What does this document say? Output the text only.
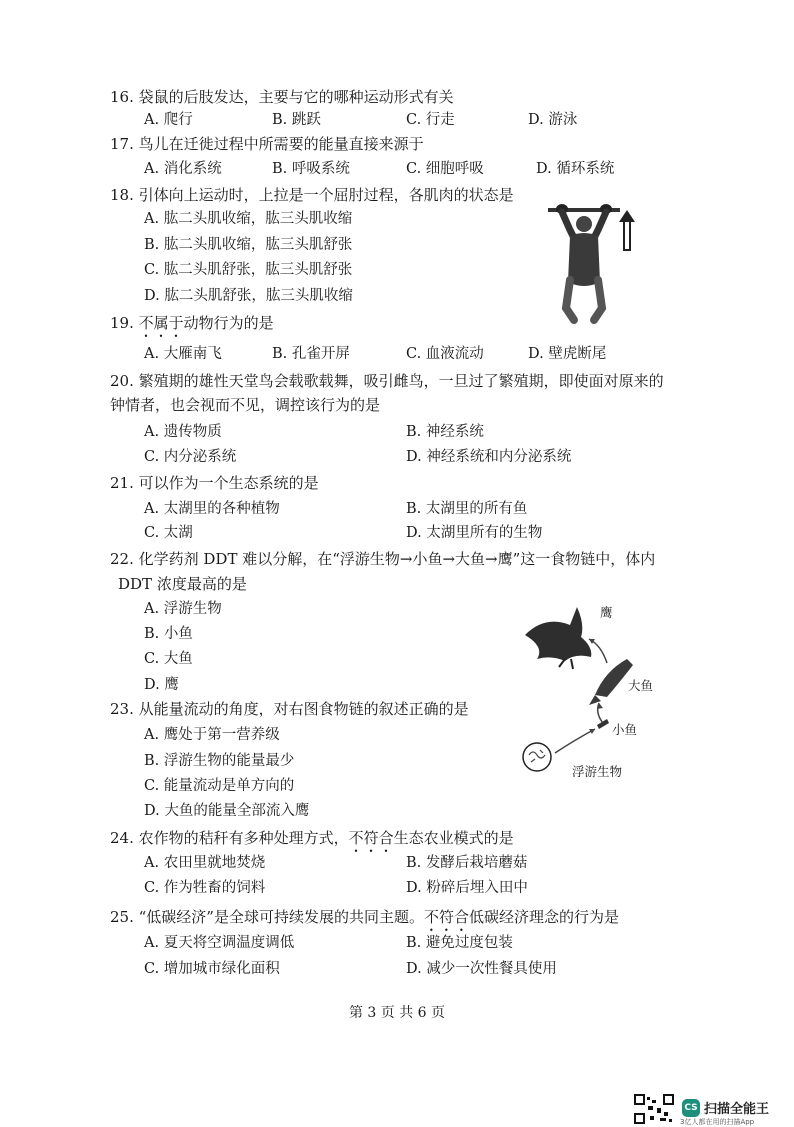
16. 袋鼠的后肢发达，主要与它的哪种运动形式有关
A. 爬行	B. 跳跃	C. 行走	D. 游泳
17. 鸟儿在迁徙过程中所需要的能量直接来源于
A. 消化系统	B. 呼吸系统	C. 细胞呼吸	D. 循环系统
18. 引体向上运动时，上拉是一个屈肘过程，各肌肉的状态是
A. 肱二头肌收缩，肱三头肌收缩
B. 肱二头肌收缩，肱三头肌舒张
C. 肱二头肌舒张，肱三头肌舒张
D. 肱二头肌舒张，肱三头肌收缩
19. 不属于动物行为的是
A. 大雁南飞	B. 孔雀开屏	C. 血液流动	D. 壁虎断尾
20. 繁殖期的雄性天堂鸟会载歌载舞，吸引雌鸟，一旦过了繁殖期，即使面对原来的
钟情者，也会视而不见，调控该行为的是
A. 遗传物质	B. 神经系统
C. 内分泌系统	D. 神经系统和内分泌系统
21. 可以作为一个生态系统的是
A. 太湖里的各种植物	B. 太湖里的所有鱼
C. 太湖	D. 太湖里所有的生物
22. 化学药剂 DDT 难以分解，在“浮游生物→小鱼→大鱼→鹰”这一食物链中，体内
DDT 浓度最高的是
A. 浮游生物
B. 小鱼
C. 大鱼
D. 鹰
23. 从能量流动的角度，对右图食物链的叙述正确的是
A. 鹰处于第一营养级
B. 浮游生物的能量最少
C. 能量流动是单方向的
D. 大鱼的能量全部流入鹰
鹰
大鱼
小鱼
浮游生物
24. 农作物的秸秆有多种处理方式，不符合生态农业模式的是
A. 农田里就地焚烧	B. 发酵后栽培蘑菇
C. 作为牲畜的饲料	D. 粉碎后埋入田中
25. “低碳经济”是全球可持续发展的共同主题。不符合低碳经济理念的行为是
A. 夏天将空调温度调低	B. 避免过度包装
C. 增加城市绿化面积	D. 减少一次性餐具使用
第 3 页 共 6 页
CS 扫描全能王
3亿人都在用的扫描App
